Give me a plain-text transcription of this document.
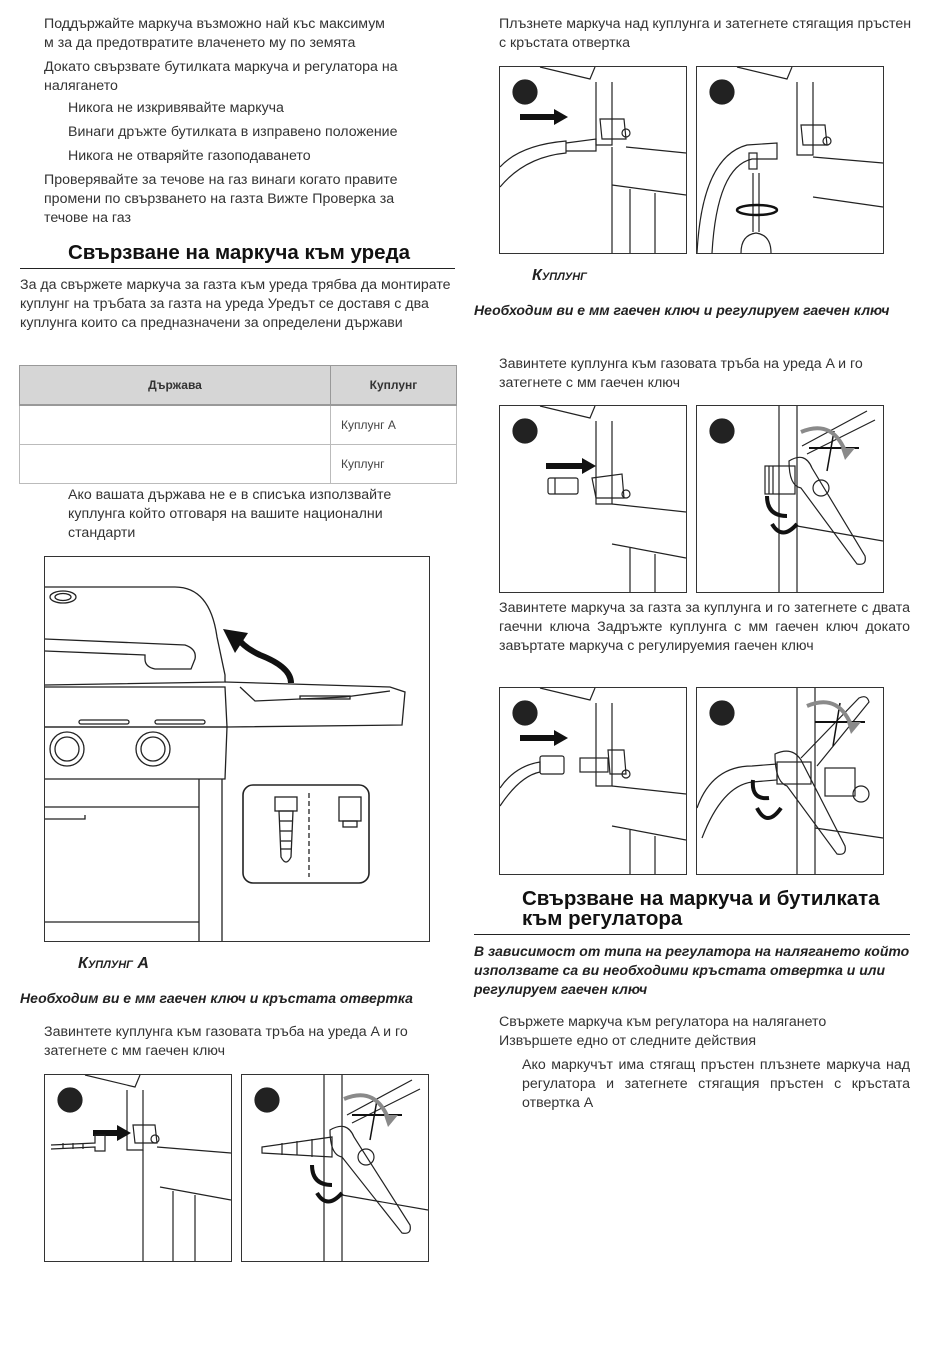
Поддържайте маркуча възможно най къс максимум
м за да предотвратите влаченето му по земята
Докато свързвате бутилката маркуча и регулатора на
налягането
Никога не изкривявайте маркуча
Винаги дръжте бутилката в изправено положение
Никога не отваряйте газоподаването
Проверявайте за течове на газ винаги когато правите
промени по свързването на газта Вижте Проверка за
течове на газ
Свързване на маркуча към уреда
За да свържете маркуча за газта към уреда трябва да монтирате куплунг на тръбата за газта на уреда Уредът се доставя с два куплунга които са предназначени за определени държави
Държава	Куплунг
	Куплунг A
	Куплунг
Ако вашата държава не е в списъка използвайте куплунга който отговаря на вашите национални стандарти
Куплунг A
Необходим ви е мм гаечен ключ и кръстата отвертка
Завинтете куплунга към газовата тръба на уреда A и го затегнете с мм гаечен ключ
Плъзнете маркуча над куплунга и затегнете стягащия пръстен с кръстата отвертка
Куплунг
Необходим ви е мм гаечен ключ и регулируем гаечен ключ
Завинтете куплунга към газовата тръба на уреда A и го затегнете с мм гаечен ключ
Завинтете маркуча за газта за куплунга и го затегнете с двата гаечни ключа Задръжте куплунга с мм гаечен ключ докато завъртате маркуча с регулируемия гаечен ключ
Свързване на маркуча и бутилката
към регулатора
В зависимост от типа на регулатора на налягането който използвате са ви необходими кръстата отвертка и или регулируем гаечен ключ
Свържете маркуча към регулатора на налягането
Извършете едно от следните действия
Ако маркучът има стягащ пръстен плъзнете маркуча над регулатора и затегнете стягащия пръстен с кръстата отвертка A
